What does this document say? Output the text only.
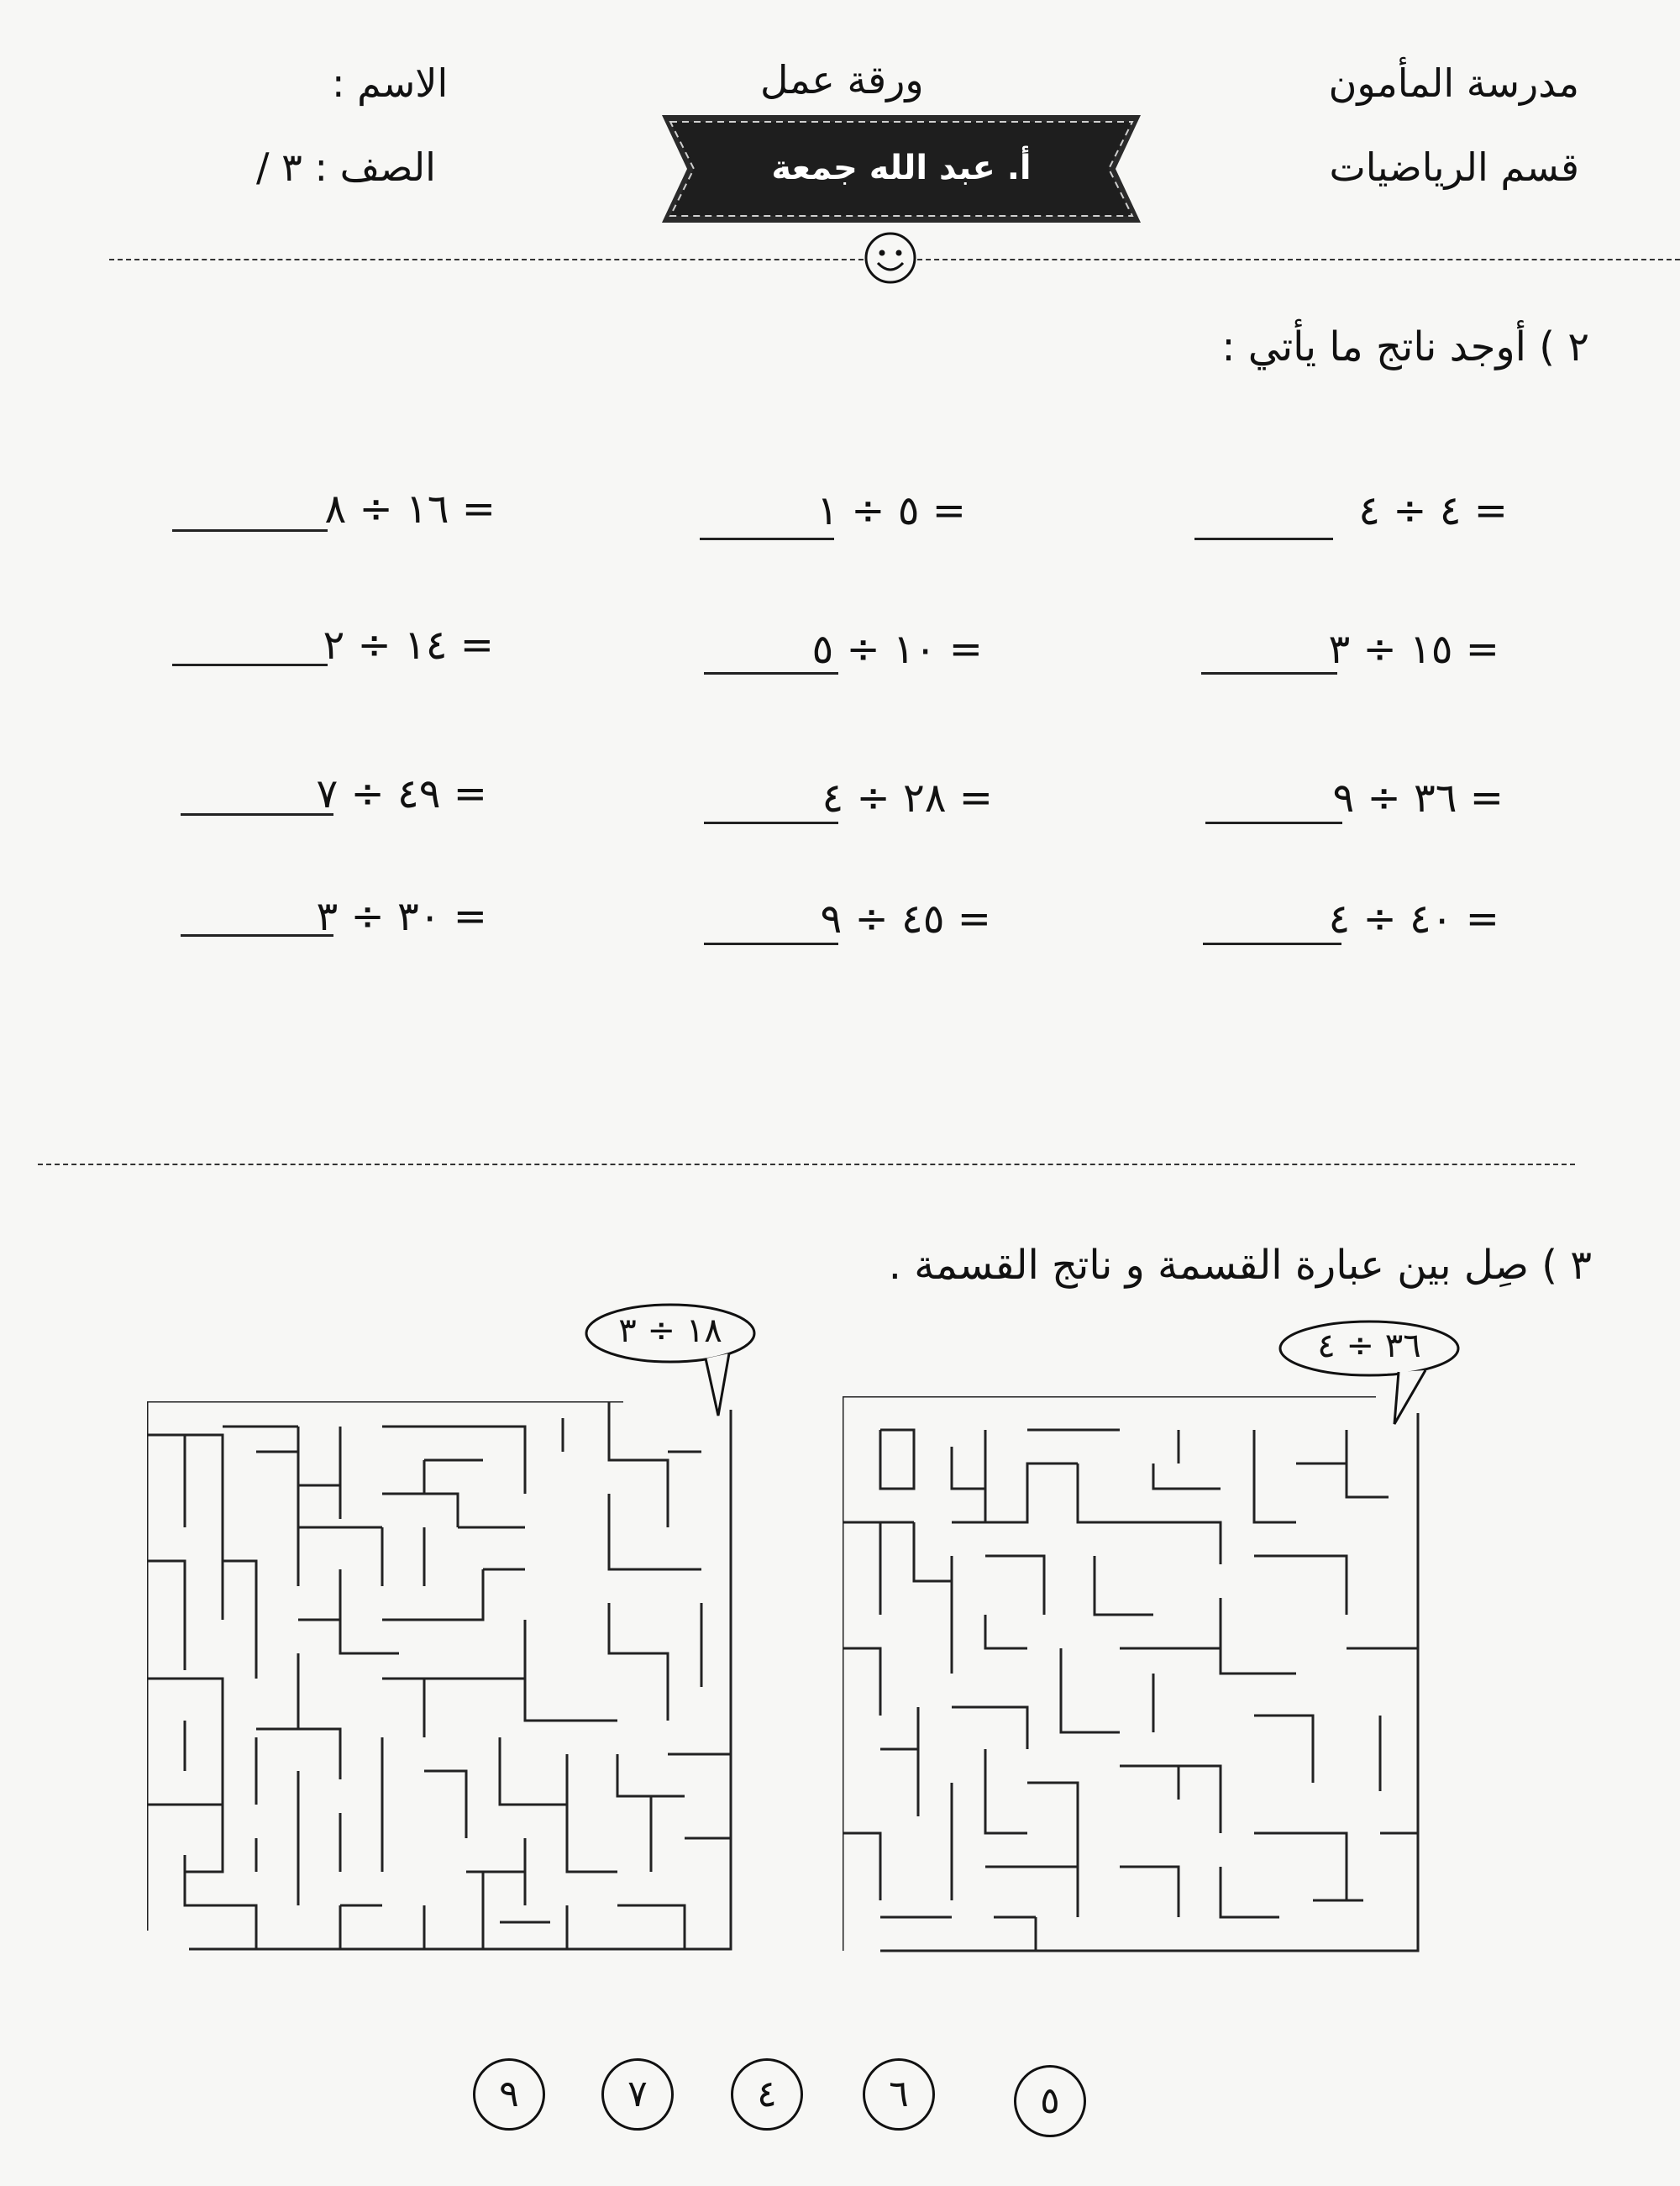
مدرسة المأمون
قسم الرياضيات
ورقة عمل
الاسم :
الصف : ٣ /	أ. عبد الله جمعة
٢ ) أوجد ناتج ما يأتي :
٤ ÷ ٤ =
٥ ÷ ١ =
١٦ ÷ ٨ =
١٥ ÷ ٣ =
١٠ ÷ ٥ =
١٤ ÷ ٢ =
٣٦ ÷ ٩ =
٢٨ ÷ ٤ =
٤٩ ÷ ٧ =
٤٠ ÷ ٤ =
٤٥ ÷ ٩ =
٣٠ ÷ ٣ =
٣ ) صِل بين عبارة القسمة و ناتج القسمة .
١٨ ÷ ٣	٣٦ ÷ ٤
٩	٧	٤	٦	٥
